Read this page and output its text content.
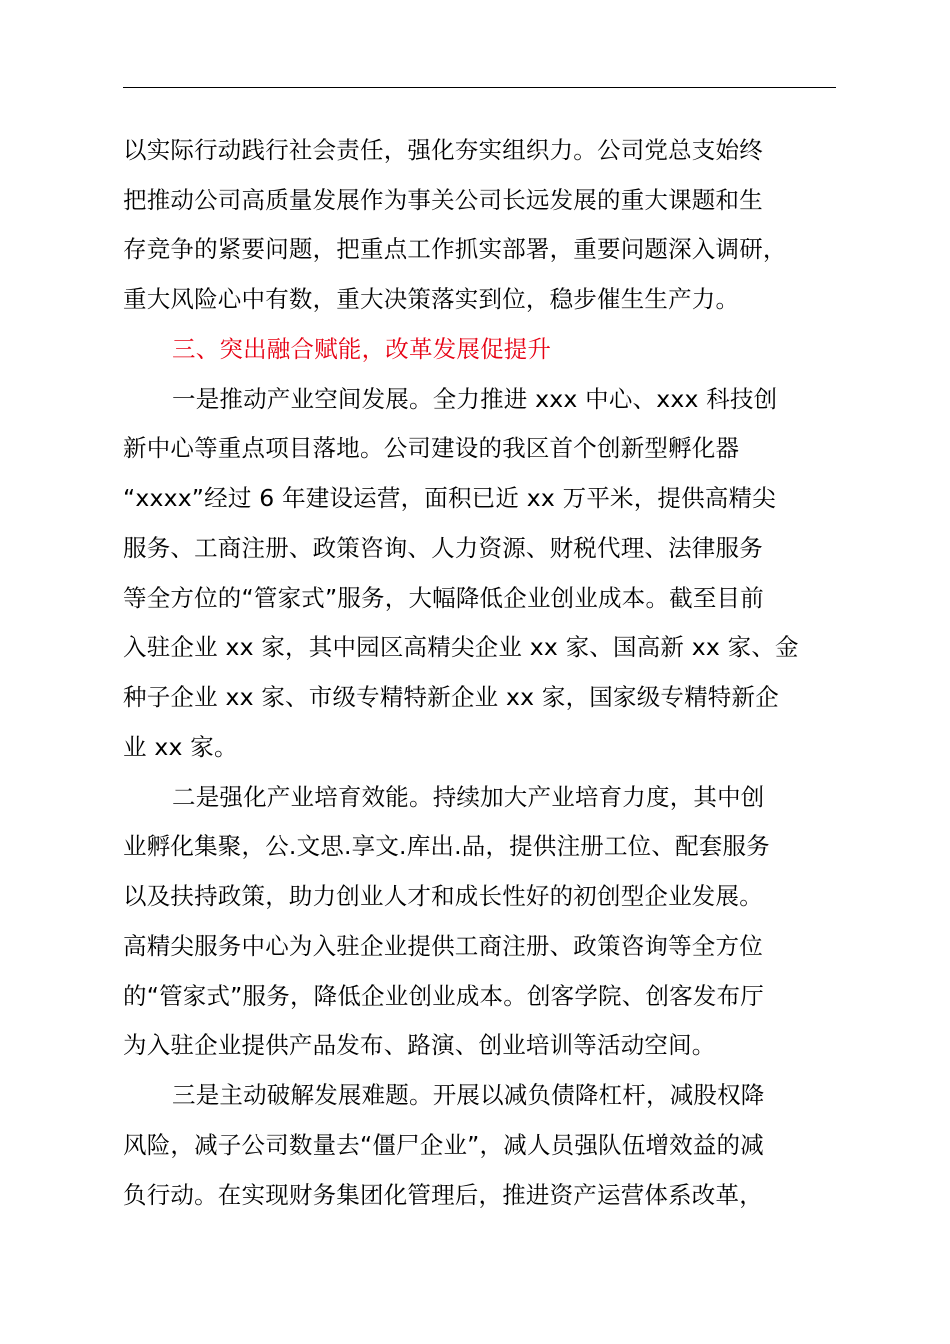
以实际行动践行社会责任，强化夯实组织力。公司党总支始终
把推动公司高质量发展作为事关公司长远发展的重大课题和生
存竞争的紧要问题，把重点工作抓实部署，重要问题深入调研，
重大风险心中有数，重大决策落实到位，稳步催生生产力。
三、突出融合赋能，改革发展促提升
一是推动产业空间发展。全力推进 xxx 中心、xxx 科技创
新中心等重点项目落地。公司建设的我区首个创新型孵化器
“xxxx”经过 6 年建设运营，面积已近 xx 万平米，提供高精尖
服务、工商注册、政策咨询、人力资源、财税代理、法律服务
等全方位的“管家式”服务，大幅降低企业创业成本。截至目前
入驻企业 xx 家，其中园区高精尖企业 xx 家、国高新 xx 家、金
种子企业 xx 家、市级专精特新企业 xx 家，国家级专精特新企
业 xx 家。
二是强化产业培育效能。持续加大产业培育力度，其中创
业孵化集聚，公.文思.享文.库出.品，提供注册工位、配套服务
以及扶持政策，助力创业人才和成长性好的初创型企业发展。
高精尖服务中心为入驻企业提供工商注册、政策咨询等全方位
的“管家式”服务，降低企业创业成本。创客学院、创客发布厅
为入驻企业提供产品发布、路演、创业培训等活动空间。
三是主动破解发展难题。开展以减负债降杠杆，减股权降
风险，减子公司数量去“僵尸企业”，减人员强队伍增效益的减
负行动。在实现财务集团化管理后，推进资产运营体系改革，
